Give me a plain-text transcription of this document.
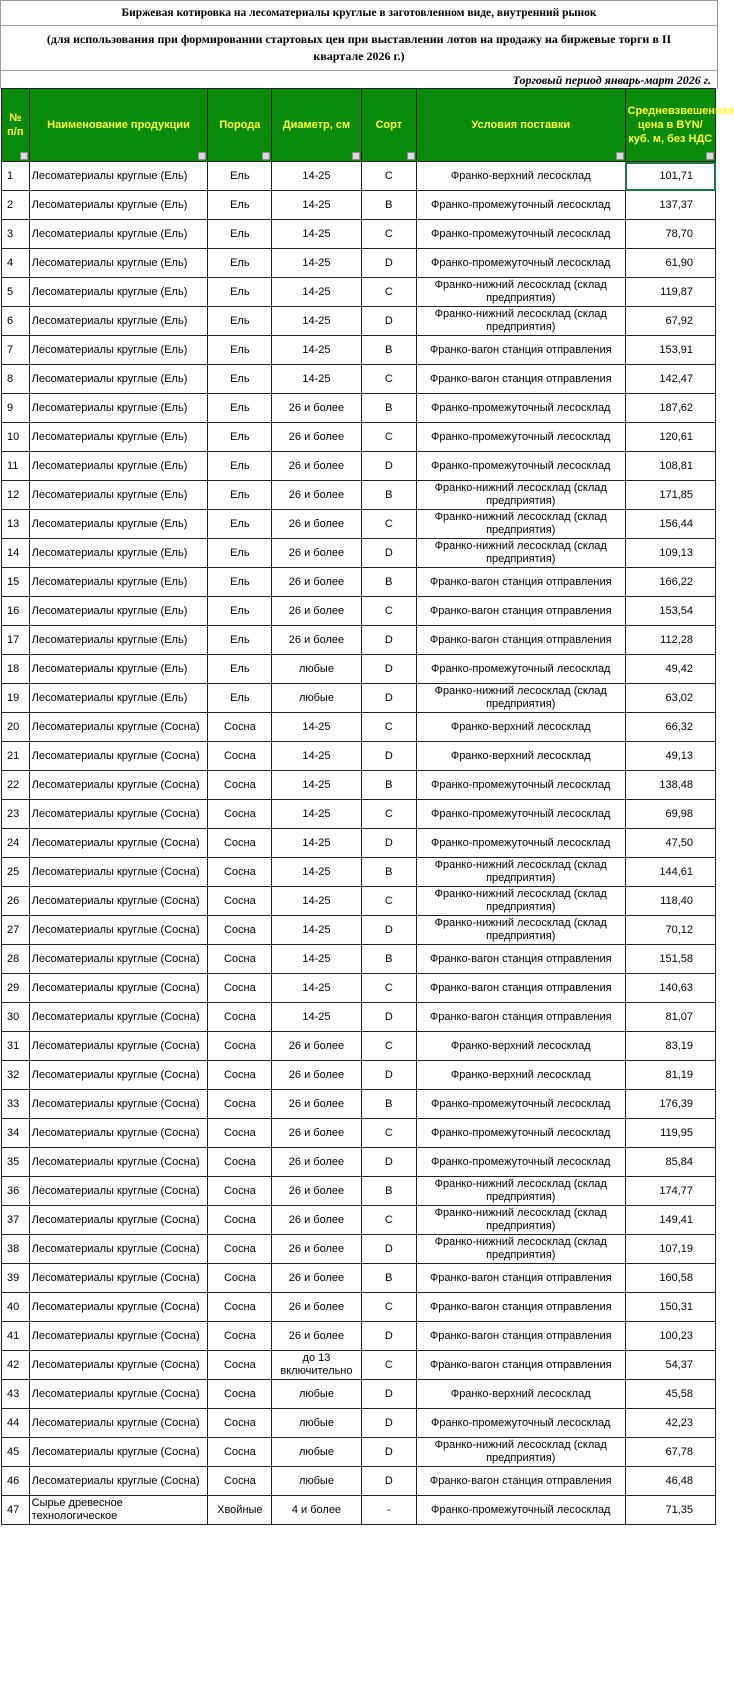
Биржевая котировка на лесоматериалы круглые в заготовленном виде, внутренний рынок
(для использования при формировании стартовых цен при выставлении лотов на продажу на биржевые торги в II квартале 2026 г.)
Торговый период январь-март 2026 г.
№ п/п	Наименование продукции	Порода	Диаметр, см	Сорт	Условия поставки	Средневзвешенная цена в BYN/куб. м, без НДС

1	Лесоматериалы круглые (Ель)	Ель	14-25	C	Франко-верхний лесосклад	101,71
2	Лесоматериалы круглые (Ель)	Ель	14-25	B	Франко-промежуточный лесосклад	137,37
3	Лесоматериалы круглые (Ель)	Ель	14-25	C	Франко-промежуточный лесосклад	78,70
4	Лесоматериалы круглые (Ель)	Ель	14-25	D	Франко-промежуточный лесосклад	61,90
5	Лесоматериалы круглые (Ель)	Ель	14-25	C	Франко-нижний лесосклад (склад предприятия)	119,87
6	Лесоматериалы круглые (Ель)	Ель	14-25	D	Франко-нижний лесосклад (склад предприятия)	67,92
7	Лесоматериалы круглые (Ель)	Ель	14-25	B	Франко-вагон станция отправления	153,91
8	Лесоматериалы круглые (Ель)	Ель	14-25	C	Франко-вагон станция отправления	142,47
9	Лесоматериалы круглые (Ель)	Ель	26 и более	B	Франко-промежуточный лесосклад	187,62
10	Лесоматериалы круглые (Ель)	Ель	26 и более	C	Франко-промежуточный лесосклад	120,61
11	Лесоматериалы круглые (Ель)	Ель	26 и более	D	Франко-промежуточный лесосклад	108,81
12	Лесоматериалы круглые (Ель)	Ель	26 и более	B	Франко-нижний лесосклад (склад предприятия)	171,85
13	Лесоматериалы круглые (Ель)	Ель	26 и более	C	Франко-нижний лесосклад (склад предприятия)	156,44
14	Лесоматериалы круглые (Ель)	Ель	26 и более	D	Франко-нижний лесосклад (склад предприятия)	109,13
15	Лесоматериалы круглые (Ель)	Ель	26 и более	B	Франко-вагон станция отправления	166,22
16	Лесоматериалы круглые (Ель)	Ель	26 и более	C	Франко-вагон станция отправления	153,54
17	Лесоматериалы круглые (Ель)	Ель	26 и более	D	Франко-вагон станция отправления	112,28
18	Лесоматериалы круглые (Ель)	Ель	любые	D	Франко-промежуточный лесосклад	49,42
19	Лесоматериалы круглые (Ель)	Ель	любые	D	Франко-нижний лесосклад (склад предприятия)	63,02
20	Лесоматериалы круглые (Сосна)	Сосна	14-25	C	Франко-верхний лесосклад	66,32
21	Лесоматериалы круглые (Сосна)	Сосна	14-25	D	Франко-верхний лесосклад	49,13
22	Лесоматериалы круглые (Сосна)	Сосна	14-25	B	Франко-промежуточный лесосклад	138,48
23	Лесоматериалы круглые (Сосна)	Сосна	14-25	C	Франко-промежуточный лесосклад	69,98
24	Лесоматериалы круглые (Сосна)	Сосна	14-25	D	Франко-промежуточный лесосклад	47,50
25	Лесоматериалы круглые (Сосна)	Сосна	14-25	B	Франко-нижний лесосклад (склад предприятия)	144,61
26	Лесоматериалы круглые (Сосна)	Сосна	14-25	C	Франко-нижний лесосклад (склад предприятия)	118,40
27	Лесоматериалы круглые (Сосна)	Сосна	14-25	D	Франко-нижний лесосклад (склад предприятия)	70,12
28	Лесоматериалы круглые (Сосна)	Сосна	14-25	B	Франко-вагон станция отправления	151,58
29	Лесоматериалы круглые (Сосна)	Сосна	14-25	C	Франко-вагон станция отправления	140,63
30	Лесоматериалы круглые (Сосна)	Сосна	14-25	D	Франко-вагон станция отправления	81,07
31	Лесоматериалы круглые (Сосна)	Сосна	26 и более	C	Франко-верхний лесосклад	83,19
32	Лесоматериалы круглые (Сосна)	Сосна	26 и более	D	Франко-верхний лесосклад	81,19
33	Лесоматериалы круглые (Сосна)	Сосна	26 и более	B	Франко-промежуточный лесосклад	176,39
34	Лесоматериалы круглые (Сосна)	Сосна	26 и более	C	Франко-промежуточный лесосклад	119,95
35	Лесоматериалы круглые (Сосна)	Сосна	26 и более	D	Франко-промежуточный лесосклад	85,84
36	Лесоматериалы круглые (Сосна)	Сосна	26 и более	B	Франко-нижний лесосклад (склад предприятия)	174,77
37	Лесоматериалы круглые (Сосна)	Сосна	26 и более	C	Франко-нижний лесосклад (склад предприятия)	149,41
38	Лесоматериалы круглые (Сосна)	Сосна	26 и более	D	Франко-нижний лесосклад (склад предприятия)	107,19
39	Лесоматериалы круглые (Сосна)	Сосна	26 и более	B	Франко-вагон станция отправления	160,58
40	Лесоматериалы круглые (Сосна)	Сосна	26 и более	C	Франко-вагон станция отправления	150,31
41	Лесоматериалы круглые (Сосна)	Сосна	26 и более	D	Франко-вагон станция отправления	100,23
42	Лесоматериалы круглые (Сосна)	Сосна	до 13 включительно	C	Франко-вагон станция отправления	54,37
43	Лесоматериалы круглые (Сосна)	Сосна	любые	D	Франко-верхний лесосклад	45,58
44	Лесоматериалы круглые (Сосна)	Сосна	любые	D	Франко-промежуточный лесосклад	42,23
45	Лесоматериалы круглые (Сосна)	Сосна	любые	D	Франко-нижний лесосклад (склад предприятия)	67,78
46	Лесоматериалы круглые (Сосна)	Сосна	любые	D	Франко-вагон станция отправления	46,48
47	Сырье древесное технологическое	Хвойные	4 и более	-	Франко-промежуточный лесосклад	71,35
